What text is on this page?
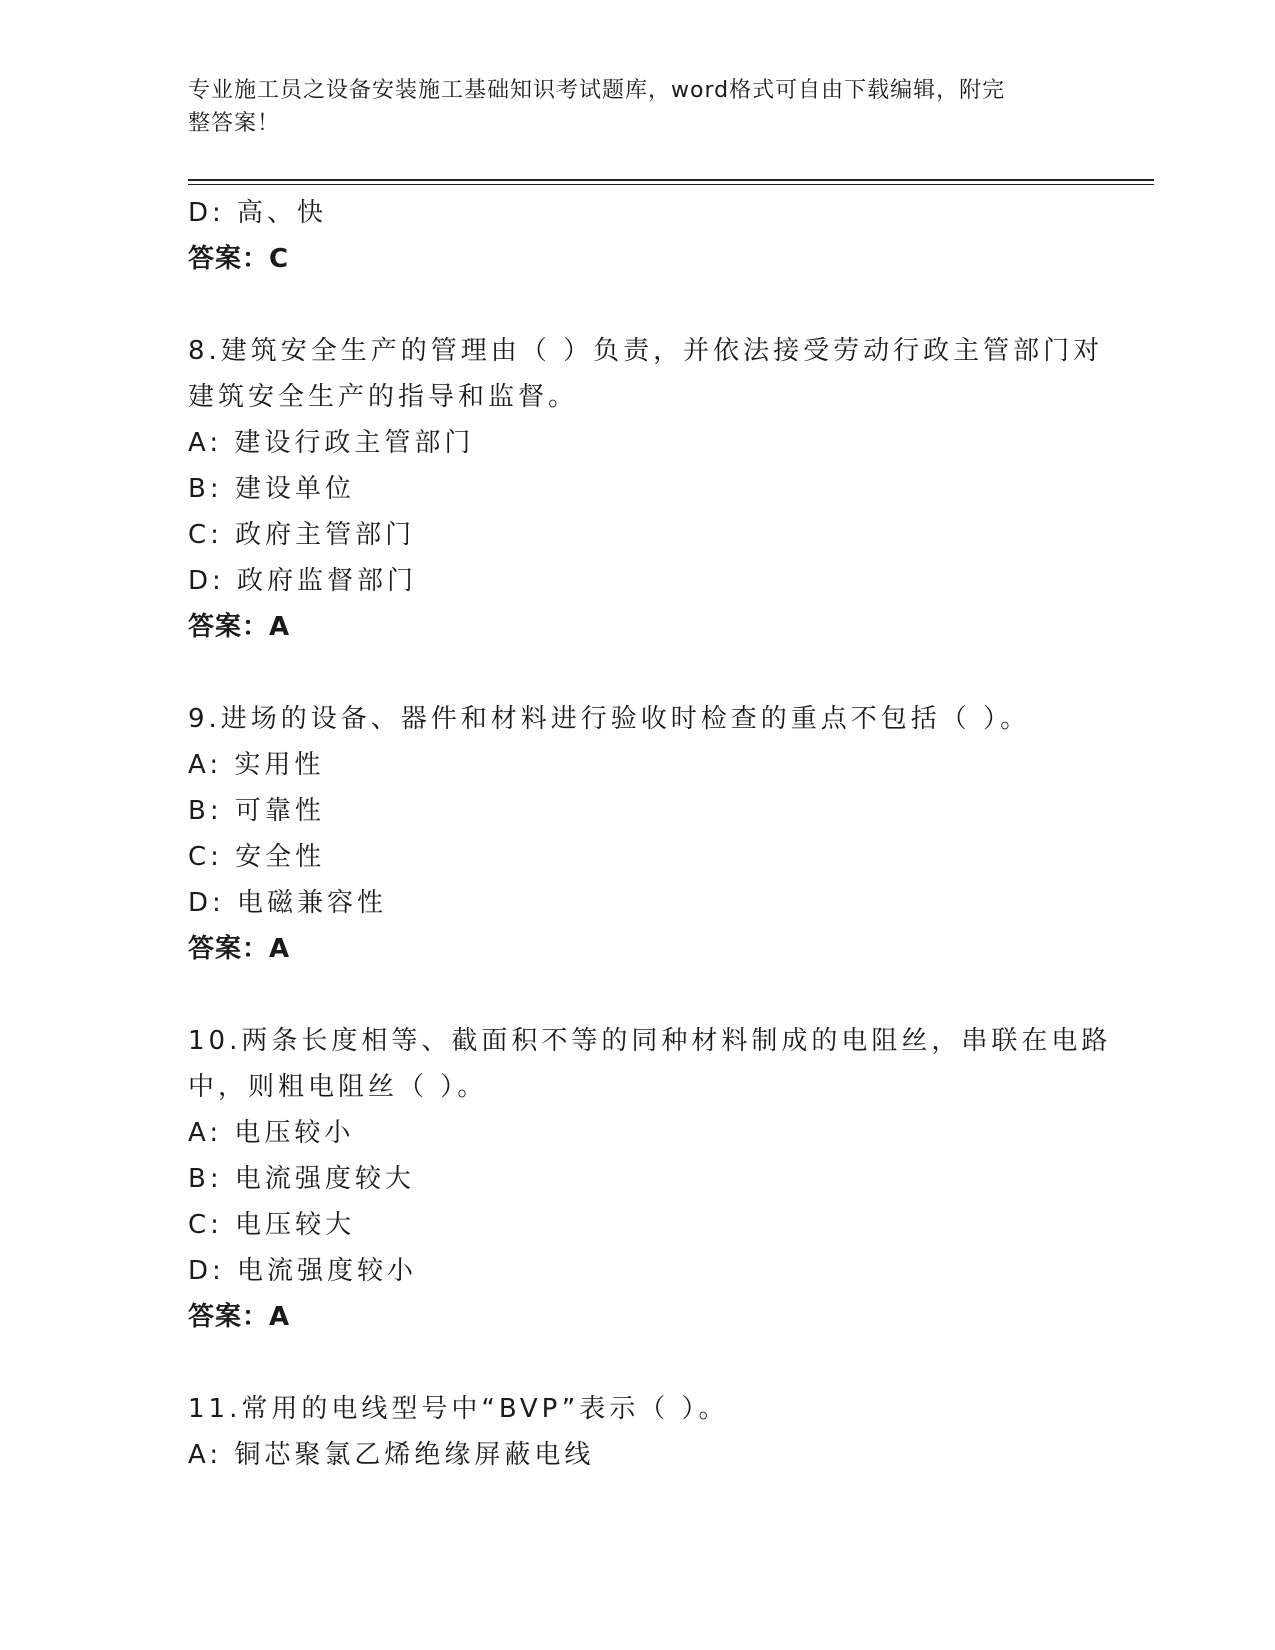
专业施工员之设备安装施工基础知识考试题库，word格式可自由下载编辑，附完
整答案！
D: 高、快
答案：C
8.建筑安全生产的管理由（ ）负责，并依法接受劳动行政主管部门对
建筑安全生产的指导和监督。
A: 建设行政主管部门
B: 建设单位
C: 政府主管部门
D: 政府监督部门
答案：A
9.进场的设备、器件和材料进行验收时检查的重点不包括（ ）。
A: 实用性
B: 可靠性
C: 安全性
D: 电磁兼容性
答案：A
10.两条长度相等、截面积不等的同种材料制成的电阻丝，串联在电路
中，则粗电阻丝（ ）。
A: 电压较小
B: 电流强度较大
C: 电压较大
D: 电流强度较小
答案：A
11.常用的电线型号中“BVP”表示（ ）。
A: 铜芯聚氯乙烯绝缘屏蔽电线
